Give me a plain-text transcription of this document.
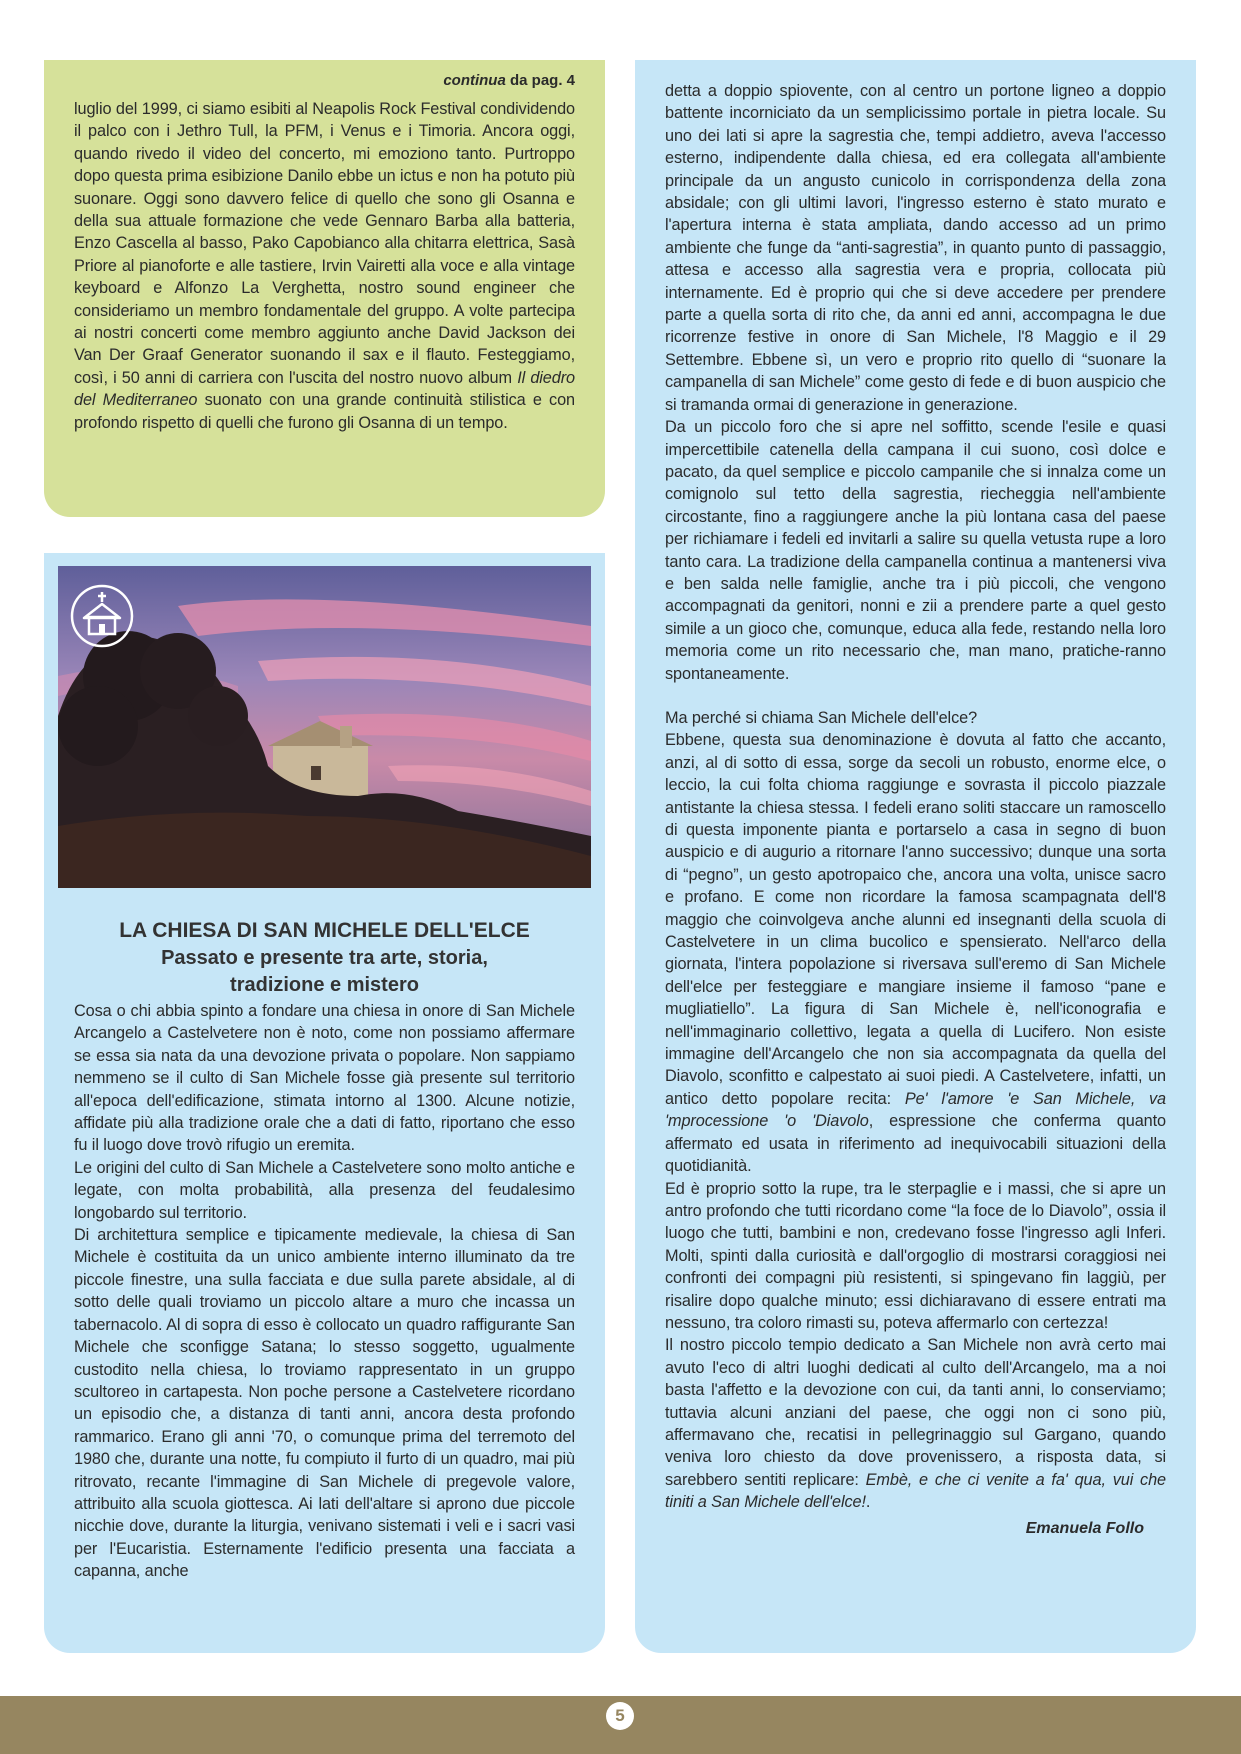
continua da pag. 4
luglio del 1999, ci siamo esibiti al Neapolis Rock Festival condividendo il palco con i Jethro Tull, la PFM, i Venus e i Timoria. Ancora oggi, quando rivedo il video del concerto, mi emoziono tanto. Purtroppo dopo questa prima esibizione Danilo ebbe un ictus e non ha potuto più suonare. Oggi sono davvero felice di quello che sono gli Osanna e della sua attuale formazione che vede Gennaro Barba alla batteria, Enzo Cascella al basso, Pako Capobianco alla chitarra elettrica, Sasà Priore al pianoforte e alle tastiere, Irvin Vairetti alla voce e alla vintage keyboard e Alfonzo La Verghetta, nostro sound engineer che consideriamo un membro fondamentale del gruppo. A volte partecipa ai nostri concerti come membro aggiunto anche David Jackson dei Van Der Graaf Generator suonando il sax e il flauto. Festeggiamo, così, i 50 anni di carriera con l'uscita del nostro nuovo album Il diedro del Mediterraneo suonato con una grande continuità stilistica e con profondo rispetto di quelli che furono gli Osanna di un tempo.
LA CHIESA DI SAN MICHELE DELL'ELCE
Passato e presente tra arte, storia,
tradizione e mistero

Cosa o chi abbia spinto a fondare una chiesa in onore di San Michele Arcangelo a Castelvetere non è noto, come non possiamo affermare se essa sia nata da una devozione privata o popolare. Non sappiamo nemmeno se il culto di San Michele fosse già presente sul territorio all'epoca dell'edificazione, stimata intorno al 1300. Alcune notizie, affidate più alla tradizione orale che a dati di fatto, riportano che esso fu il luogo dove trovò rifugio un eremita.

Le origini del culto di San Michele a Castelvetere sono molto antiche e legate, con molta probabilità, alla presenza del feudalesimo longobardo sul territorio.

Di architettura semplice e tipicamente medievale, la chiesa di San Michele è costituita da un unico ambiente interno illuminato da tre piccole finestre, una sulla facciata e due sulla parete absidale, al di sotto delle quali troviamo un piccolo altare a muro che incassa un tabernacolo. Al di sopra di esso è collocato un quadro raffigurante San Michele che sconfigge Satana; lo stesso soggetto, ugualmente custodito nella chiesa, lo troviamo rappresentato in un gruppo scultoreo in cartapesta. Non poche persone a Castelvetere ricordano un episodio che, a distanza di tanti anni, ancora desta profondo rammarico. Erano gli anni '70, o comunque prima del terremoto del 1980 che, durante una notte, fu compiuto il furto di un quadro, mai più ritrovato, recante l'immagine di San Michele di pregevole valore, attribuito alla scuola giottesca. Ai lati dell'altare si aprono due piccole nicchie dove, durante la liturgia, venivano sistemati i veli e i sacri vasi per l'Eucaristia. Esternamente l'edificio presenta una facciata a capanna, anche

detta a doppio spiovente, con al centro un portone ligneo a doppio battente incorniciato da un semplicissimo portale in pietra locale. Su uno dei lati si apre la sagrestia che, tempi addietro, aveva l'accesso esterno, indipendente dalla chiesa, ed era collegata all'ambiente principale da un angusto cunicolo in corrispondenza della zona absidale; con gli ultimi lavori, l'ingresso esterno è stato murato e l'apertura interna è stata ampliata, dando accesso ad un primo ambiente che funge da “anti-sagrestia”, in quanto punto di passaggio, attesa e accesso alla sagrestia vera e propria, collocata più internamente. Ed è proprio qui che si deve accedere per prendere parte a quella sorta di rito che, da anni ed anni, accompagna le due ricorrenze festive in onore di San Michele, l'8 Maggio e il 29 Settembre. Ebbene sì, un vero e proprio rito quello di “suonare la campanella di san Michele” come gesto di fede e di buon auspicio che si tramanda ormai di generazione in generazione.

Da un piccolo foro che si apre nel soffitto, scende l'esile e quasi impercettibile catenella della campana il cui suono, così dolce e pacato, da quel semplice e piccolo campanile che si innalza come un comignolo sul tetto della sagrestia, riecheggia nell'ambiente circostante, fino a raggiungere anche la più lontana casa del paese per richiamare i fedeli ed invitarli a salire su quella vetusta rupe a loro tanto cara. La tradizione della campanella continua a mantenersi viva e ben salda nelle famiglie, anche tra i più piccoli, che vengono accompagnati da genitori, nonni e zii a prendere parte a quel gesto simile a un gioco che, comunque, educa alla fede, restando nella loro memoria come un rito necessario che, man mano, pratiche-ranno spontaneamente.

Ma perché si chiama San Michele dell'elce?

Ebbene, questa sua denominazione è dovuta al fatto che accanto, anzi, al di sotto di essa, sorge da secoli un robusto, enorme elce, o leccio, la cui folta chioma raggiunge e sovrasta il piccolo piazzale antistante la chiesa stessa. I fedeli erano soliti staccare un ramoscello di questa imponente pianta e portarselo a casa in segno di buon auspicio e di augurio a ritornare l'anno successivo; dunque una sorta di “pegno”, un gesto apotropaico che, ancora una volta, unisce sacro e profano. E come non ricordare la famosa scampagnata dell'8 maggio che coinvolgeva anche alunni ed insegnanti della scuola di Castelvetere in un clima bucolico e spensierato. Nell'arco della giornata, l'intera popolazione si riversava sull'eremo di San Michele dell'elce per festeggiare e mangiare insieme il famoso “pane e mugliatiello”. La figura di San Michele è, nell'iconografia e nell'immaginario collettivo, legata a quella di Lucifero. Non esiste immagine dell'Arcangelo che non sia accompagnata da quella del Diavolo, sconfitto e calpestato ai suoi piedi. A Castelvetere, infatti, un antico detto popolare recita: Pe' l'amore 'e San Michele, va 'mprocessione 'o 'Diavolo, espressione che conferma quanto affermato ed usata in riferimento ad inequivocabili situazioni della quotidianità.

Ed è proprio sotto la rupe, tra le sterpaglie e i massi, che si apre un antro profondo che tutti ricordano come “la foce de lo Diavolo”, ossia il luogo che tutti, bambini e non, credevano fosse l'ingresso agli Inferi. Molti, spinti dalla curiosità e dall'orgoglio di mostrarsi coraggiosi nei confronti dei compagni più resistenti, si spingevano fin laggiù, per risalire dopo qualche minuto; essi dichiaravano di essere entrati ma nessuno, tra coloro rimasti su, poteva affermarlo con certezza!

Il nostro piccolo tempio dedicato a San Michele non avrà certo mai avuto l'eco di altri luoghi dedicati al culto dell'Arcangelo, ma a noi basta l'affetto e la devozione con cui, da tanti anni, lo conserviamo; tuttavia alcuni anziani del paese, che oggi non ci sono più, affermavano che, recatisi in pellegrinaggio sul Gargano, quando veniva loro chiesto da dove provenissero, a risposta data, si sarebbero sentiti replicare: Embè, e che ci venite a fa' qua, vui che tiniti a San Michele dell'elce!.

Emanuela Follo
5
